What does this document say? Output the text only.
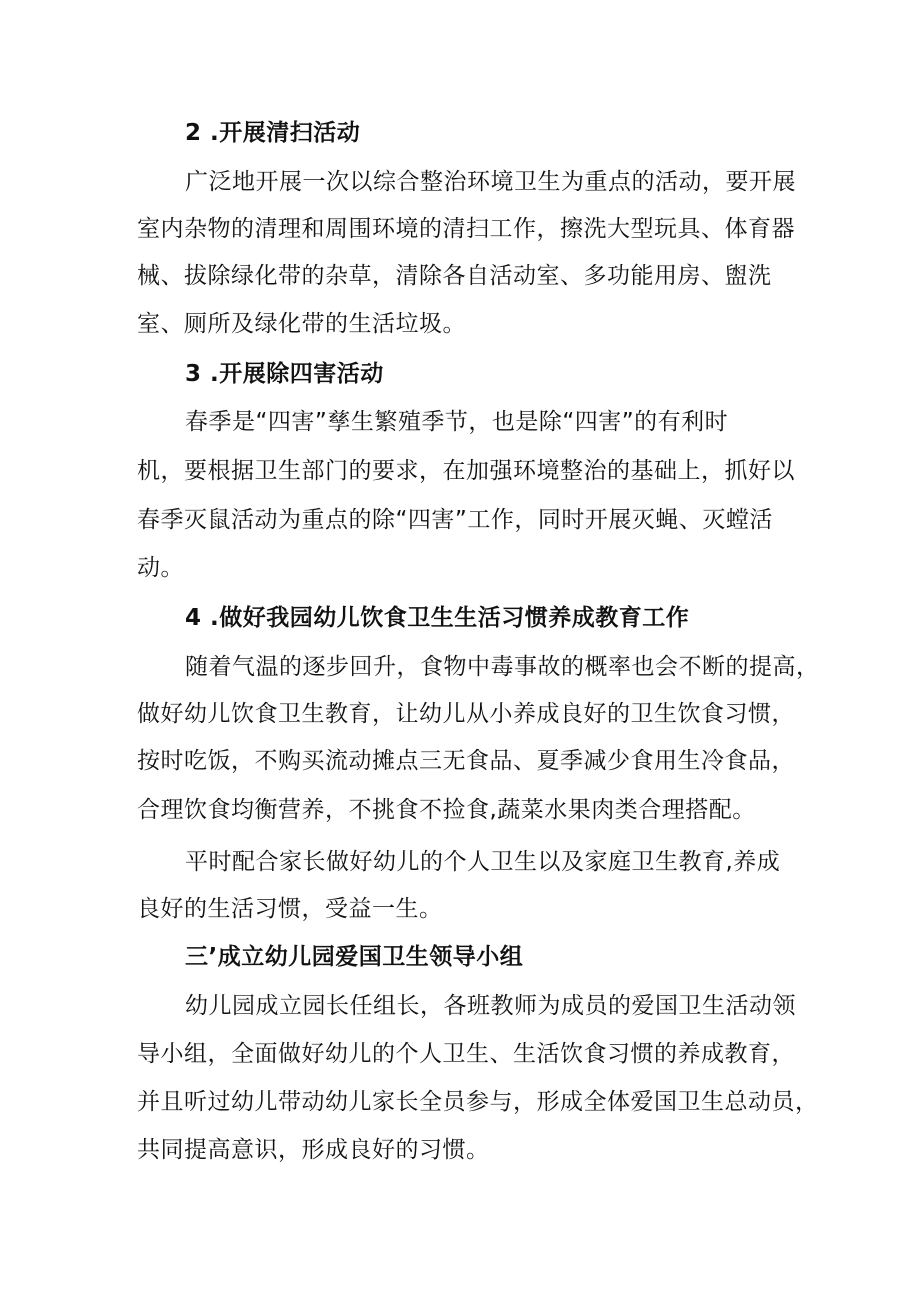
2 .开展清扫活动
广泛地开展一次以综合整治环境卫生为重点的活动，要开展
室内杂物的清理和周围环境的清扫工作，擦洗大型玩具、体育器
械、拔除绿化带的杂草，清除各自活动室、多功能用房、盥洗
室、厕所及绿化带的生活垃圾。
3 .开展除四害活动
春季是“四害”孳生繁殖季节，也是除“四害”的有利时
机，要根据卫生部门的要求，在加强环境整治的基础上，抓好以
春季灭鼠活动为重点的除“四害”工作，同时开展灭蝇、灭螳活
动。
4 .做好我园幼儿饮食卫生生活习惯养成教育工作
随着气温的逐步回升，食物中毒事故的概率也会不断的提高，
做好幼儿饮食卫生教育，让幼儿从小养成良好的卫生饮食习惯，
按时吃饭，不购买流动摊点三无食品、夏季减少食用生冷食品，
合理饮食均衡营养，不挑食不捡食,蔬菜水果肉类合理搭配。
平时配合家长做好幼儿的个人卫生以及家庭卫生教育,养成
良好的生活习惯，受益一生。
三’成立幼儿园爱国卫生领导小组
幼儿园成立园长任组长，各班教师为成员的爱国卫生活动领
导小组，全面做好幼儿的个人卫生、生活饮食习惯的养成教育，
并且听过幼儿带动幼儿家长全员参与，形成全体爱国卫生总动员，
共同提高意识，形成良好的习惯。
